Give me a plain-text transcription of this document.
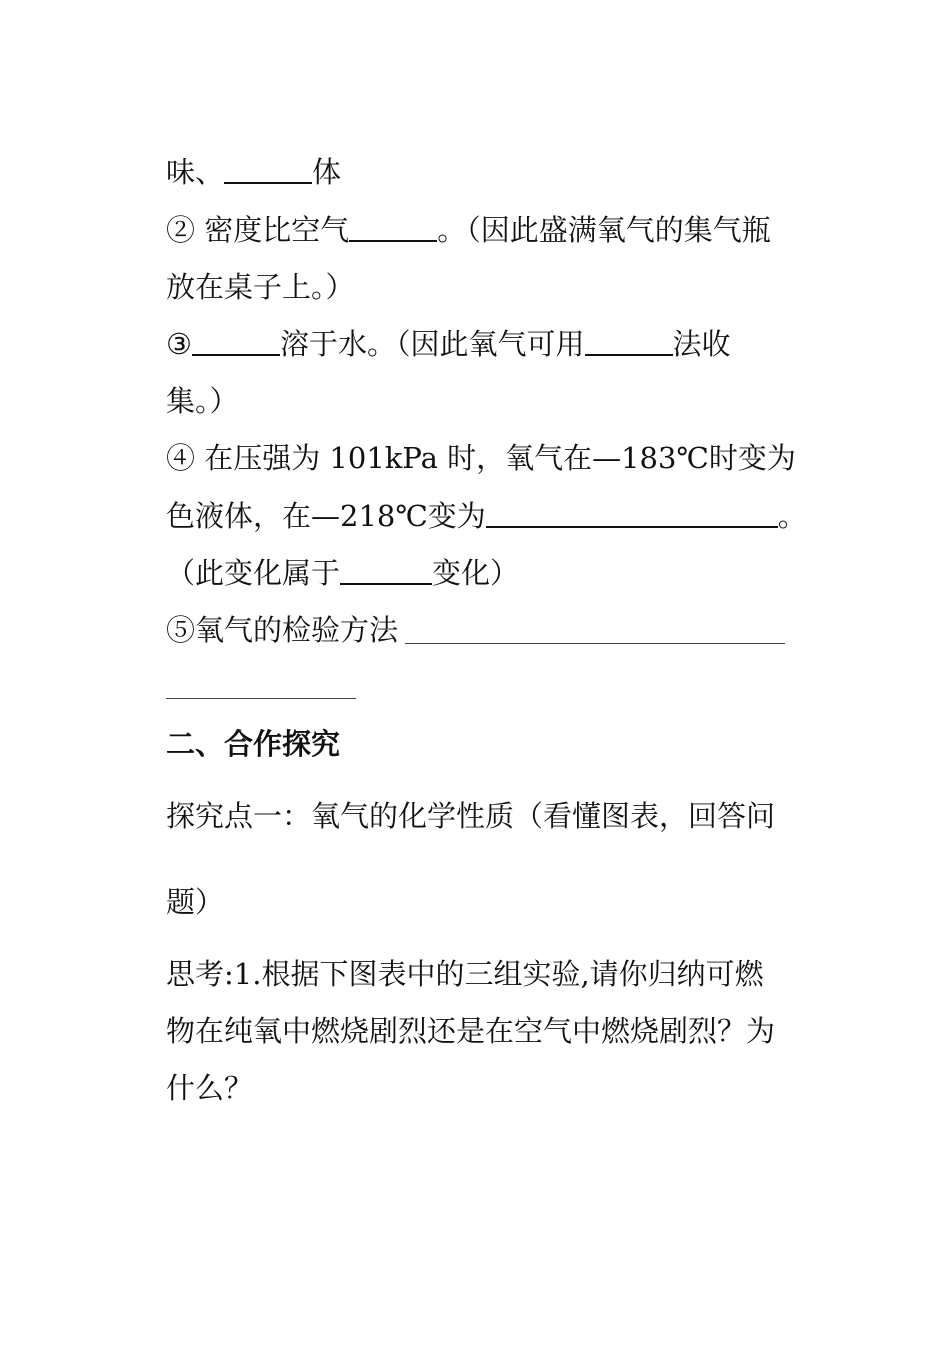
味、	体
② 密度比空气	。（因此盛满氧气的集气瓶
放在桌子上。）
③	溶于水。（因此氧气可用	法收
集。）
④ 在压强为 101kPa 时，氧气在—183℃时变为
色液体，在—218℃变为	。
（此变化属于	变化）
⑤氧气的检验方法
二、合作探究
探究点一：氧气的化学性质（看懂图表，回答问
题）
思考:1.根据下图表中的三组实验,请你归纳可燃
物在纯氧中燃烧剧烈还是在空气中燃烧剧烈？为
什么？
